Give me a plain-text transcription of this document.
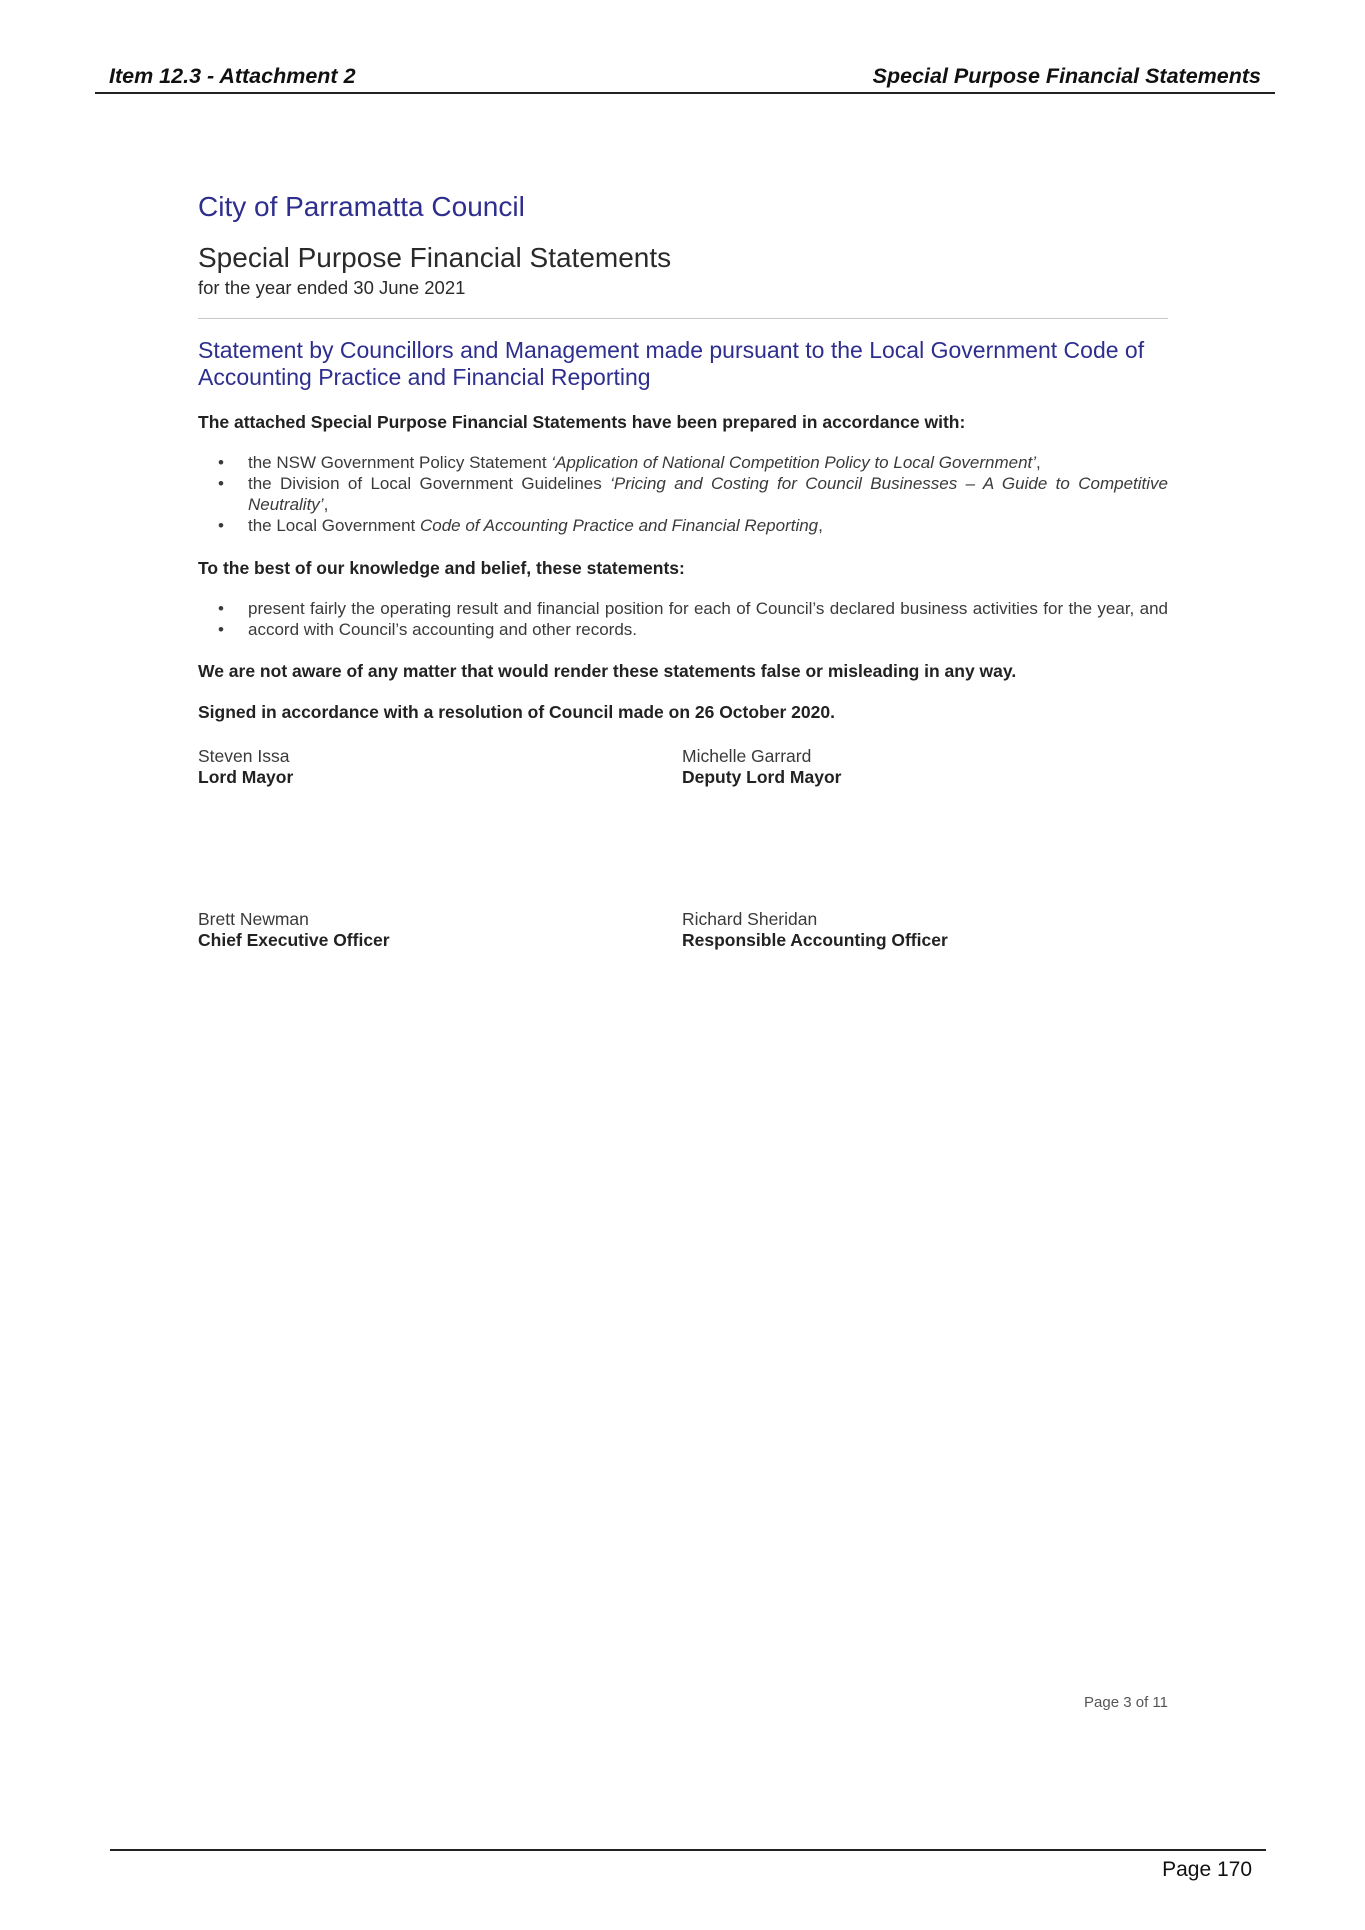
Item 12.3 - Attachment 2	Special Purpose Financial Statements
City of Parramatta Council
Special Purpose Financial Statements
for the year ended 30 June 2021
Statement by Councillors and Management made pursuant to the Local Government Code of Accounting Practice and Financial Reporting
The attached Special Purpose Financial Statements have been prepared in accordance with:
• the NSW Government Policy Statement ‘Application of National Competition Policy to Local Government’,
• the Division of Local Government Guidelines ‘Pricing and Costing for Council Businesses – A Guide to Competitive Neutrality’,
• the Local Government Code of Accounting Practice and Financial Reporting,
To the best of our knowledge and belief, these statements:
• present fairly the operating result and financial position for each of Council’s declared business activities for the year, and
• accord with Council’s accounting and other records.
We are not aware of any matter that would render these statements false or misleading in any way.
Signed in accordance with a resolution of Council made on 26 October 2020.
Steven Issa
Lord Mayor
Michelle Garrard
Deputy Lord Mayor
Brett Newman
Chief Executive Officer
Richard Sheridan
Responsible Accounting Officer
Page 3 of 11
Page 170
